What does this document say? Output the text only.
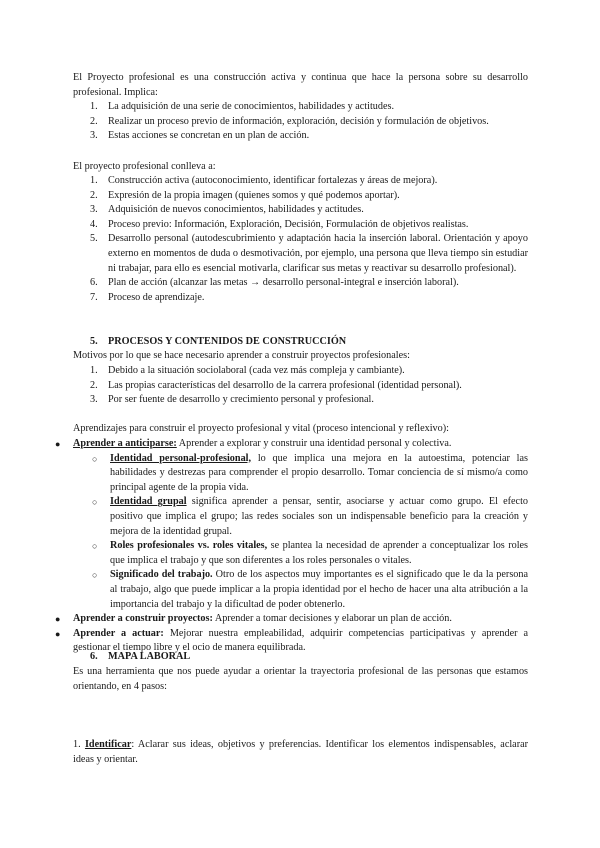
El Proyecto profesional es una construcción activa y continua que hace la persona sobre su desarrollo profesional. Implica:

1. La adquisición de una serie de conocimientos, habilidades y actitudes.
2. Realizar un proceso previo de información, exploración, decisión y formulación de objetivos.
3. Estas acciones se concretan en un plan de acción.

El proyecto profesional conlleva a:

1. Construcción activa (autoconocimiento, identificar fortalezas y áreas de mejora).
2. Expresión de la propia imagen (quienes somos y qué podemos aportar).
3. Adquisición de nuevos conocimientos, habilidades y actitudes.
4. Proceso previo: Información, Exploración, Decisión, Formulación de objetivos realistas.
5. Desarrollo personal (autodescubrimiento y adaptación hacia la inserción laboral. Orientación y apoyo externo en momentos de duda o desmotivación, por ejemplo, una persona que lleva tiempo sin estudiar ni trabajar, para ello es esencial motivarla, clarificar sus metas y reactivar su desarrollo profesional).
6. Plan de acción (alcanzar las metas → desarrollo personal-integral e inserción laboral).
7. Proceso de aprendizaje.
5. PROCESOS Y CONTENIDOS DE CONSTRUCCIÓN

Motivos por lo que se hace necesario aprender a construir proyectos profesionales:

1. Debido a la situación sociolaboral (cada vez más compleja y cambiante).
2. Las propias características del desarrollo de la carrera profesional (identidad personal).
3. Por ser fuente de desarrollo y crecimiento personal y profesional.

Aprendizajes para construir el proyecto profesional y vital (proceso intencional y reflexivo):

● Aprender a anticiparse: Aprender a explorar y construir una identidad personal y colectiva.
○ Identidad personal-profesional, lo que implica una mejora en la autoestima, potenciar las habilidades y destrezas para comprender el propio desarrollo. Tomar conciencia de sí mismo/a como principal agente de la propia vida.
○ Identidad grupal significa aprender a pensar, sentir, asociarse y actuar como grupo. El efecto positivo que implica el grupo; las redes sociales son un indispensable beneficio para la creación y mejora de la identidad grupal.
○ Roles profesionales vs. roles vitales, se plantea la necesidad de aprender a conceptualizar los roles que implica el trabajo y que son diferentes a los roles personales o vitales.
○ Significado del trabajo. Otro de los aspectos muy importantes es el significado que le da la persona al trabajo, algo que puede implicar a la propia identidad por el hecho de hacer una alta atribución a la importancia del trabajo y la dificultad de poder obtenerlo.
● Aprender a construir proyectos: Aprender a tomar decisiones y elaborar un plan de acción.
● Aprender a actuar: Mejorar nuestra empleabilidad, adquirir competencias participativas y aprender a gestionar el tiempo libre y el ocio de manera equilibrada.
6. MAPA LABORAL

Es una herramienta que nos puede ayudar a orientar la trayectoria profesional de las personas que estamos orientando, en 4 pasos:

1. Identificar: Aclarar sus ideas, objetivos y preferencias. Identificar los elementos indispensables, aclarar ideas y orientar.
